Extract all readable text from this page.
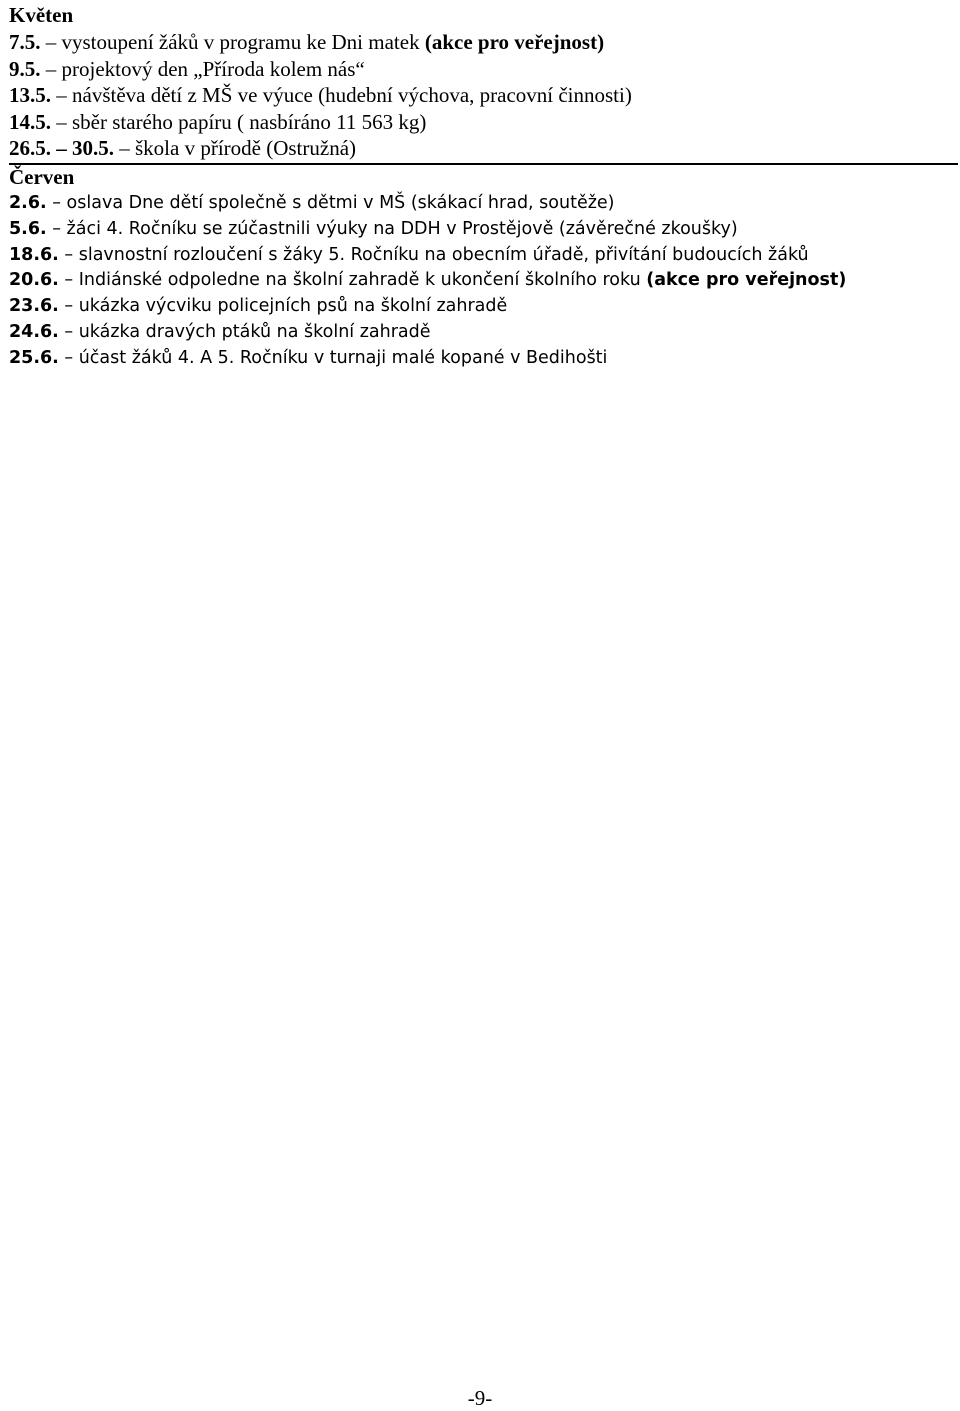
Květen
7.5. – vystoupení žáků v programu ke Dni matek (akce pro veřejnost)
9.5. – projektový den „Příroda kolem nás“
13.5. – návštěva dětí z MŠ ve výuce (hudební výchova, pracovní činnosti)
14.5. – sběr starého papíru ( nasbíráno 11 563 kg)
26.5. – 30.5. – škola v přírodě (Ostružná)
Červen
2.6. – oslava Dne dětí společně s dětmi v MŠ (skákací hrad, soutěže)
5.6. – žáci 4. Ročníku se zúčastnili výuky na DDH v Prostějově (závěrečné zkoušky)
18.6. – slavnostní rozloučení s žáky 5. Ročníku na obecním úřadě, přivítání budoucích žáků
20.6. – Indiánské odpoledne na školní zahradě k ukončení školního roku (akce pro veřejnost)
23.6. – ukázka výcviku policejních psů na školní zahradě
24.6. – ukázka dravých ptáků na školní zahradě
25.6. – účast žáků 4. A 5. Ročníku v turnaji malé kopané v Bedihošti
-9-
